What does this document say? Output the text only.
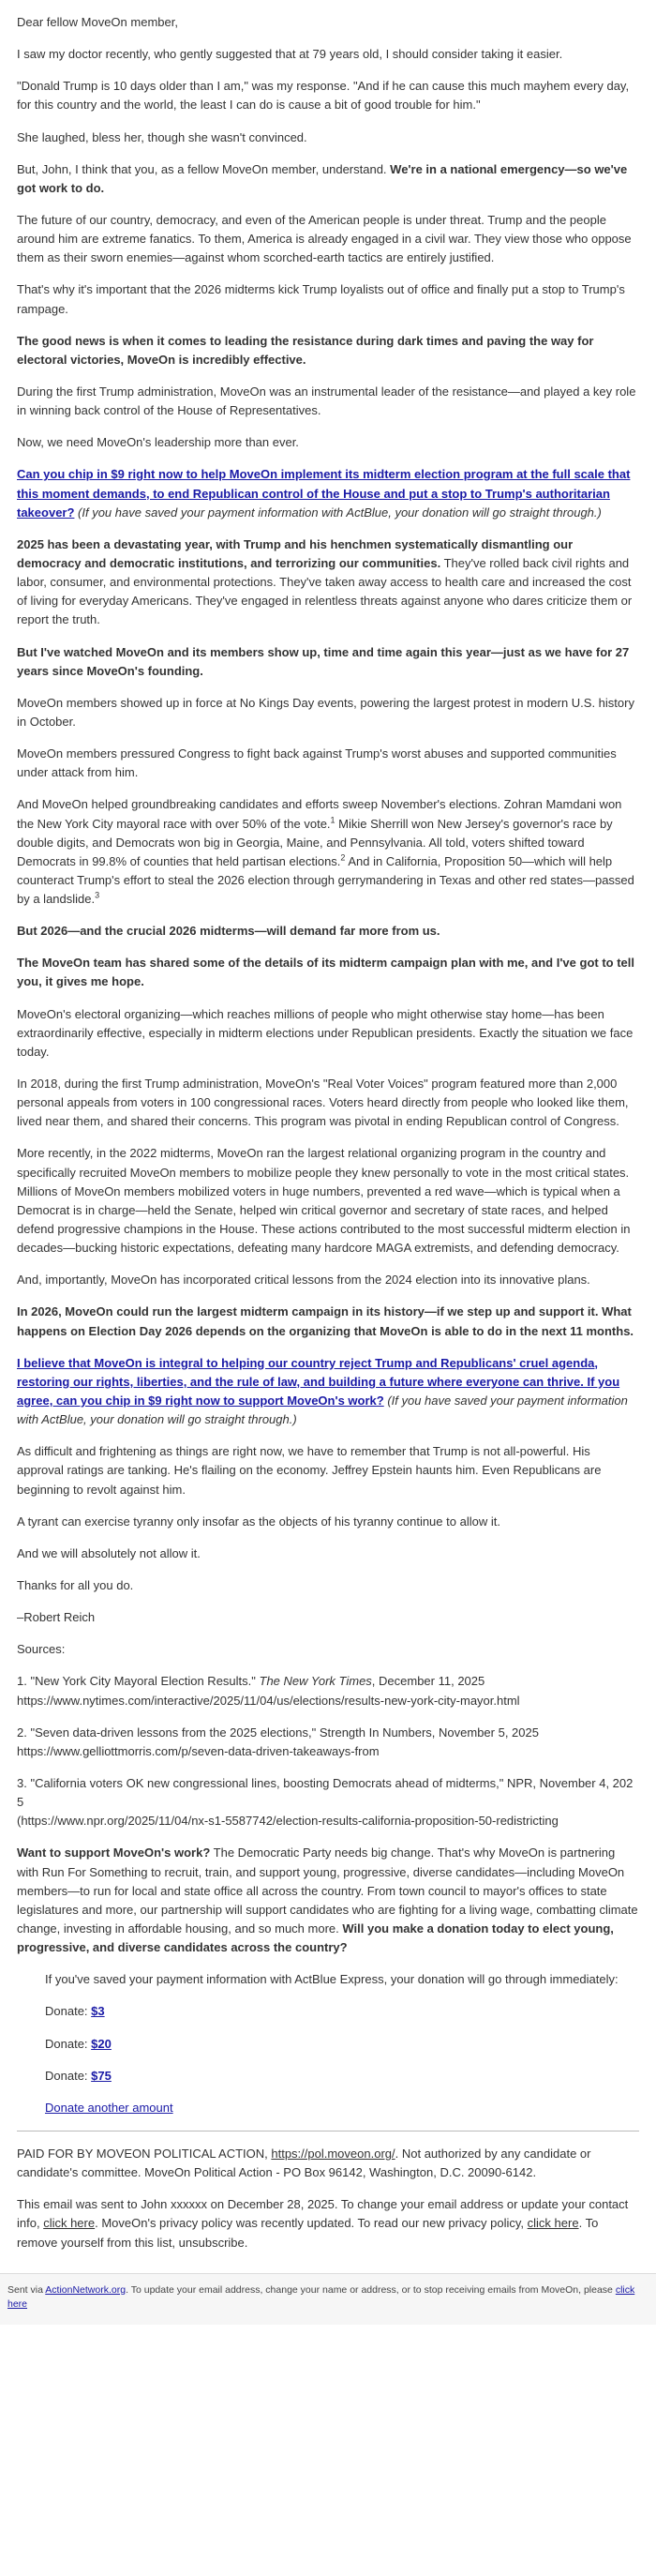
Dear fellow MoveOn member,

I saw my doctor recently, who gently suggested that at 79 years old, I should consider taking it easier.

"Donald Trump is 10 days older than I am," was my response. "And if he can cause this much mayhem every day, for this country and the world, the least I can do is cause a bit of good trouble for him."

She laughed, bless her, though she wasn't convinced.

But, John, I think that you, as a fellow MoveOn member, understand. We're in a national emergency—so we've got work to do.

The future of our country, democracy, and even of the American people is under threat. Trump and the people around him are extreme fanatics. To them, America is already engaged in a civil war. They view those who oppose them as their sworn enemies—against whom scorched-earth tactics are entirely justified.

That's why it's important that the 2026 midterms kick Trump loyalists out of office and finally put a stop to Trump's rampage.

The good news is when it comes to leading the resistance during dark times and paving the way for electoral victories, MoveOn is incredibly effective.

During the first Trump administration, MoveOn was an instrumental leader of the resistance—and played a key role in winning back control of the House of Representatives.

Now, we need MoveOn's leadership more than ever.

Can you chip in $9 right now to help MoveOn implement its midterm election program at the full scale that this moment demands, to end Republican control of the House and put a stop to Trump's authoritarian takeover? (If you have saved your payment information with ActBlue, your donation will go straight through.)

2025 has been a devastating year, with Trump and his henchmen systematically dismantling our democracy and democratic institutions, and terrorizing our communities. They've rolled back civil rights and labor, consumer, and environmental protections. They've taken away access to health care and increased the cost of living for everyday Americans. They've engaged in relentless threats against anyone who dares criticize them or report the truth.

But I've watched MoveOn and its members show up, time and time again this year—just as we have for 27 years since MoveOn's founding.

MoveOn members showed up in force at No Kings Day events, powering the largest protest in modern U.S. history in October.

MoveOn members pressured Congress to fight back against Trump's worst abuses and supported communities under attack from him.

And MoveOn helped groundbreaking candidates and efforts sweep November's elections. Zohran Mamdani won the New York City mayoral race with over 50% of the vote.$^1$ Mikie Sherrill won New Jersey's governor's race by double digits, and Democrats won big in Georgia, Maine, and Pennsylvania. All told, voters shifted toward Democrats in 99.8% of counties that held partisan elections.$^2$ And in California, Proposition 50—which will help counteract Trump's effort to steal the 2026 election through gerrymandering in Texas and other red states—passed by a landslide.$^3$

But 2026—and the crucial 2026 midterms—will demand far more from us.

The MoveOn team has shared some of the details of its midterm campaign plan with me, and I've got to tell you, it gives me hope.

MoveOn's electoral organizing—which reaches millions of people who might otherwise stay home—has been extraordinarily effective, especially in midterm elections under Republican presidents. Exactly the situation we face today.

In 2018, during the first Trump administration, MoveOn's "Real Voter Voices" program featured more than 2,000 personal appeals from voters in 100 congressional races. Voters heard directly from people who looked like them, lived near them, and shared their concerns. This program was pivotal in ending Republican control of Congress.

More recently, in the 2022 midterms, MoveOn ran the largest relational organizing program in the country and specifically recruited MoveOn members to mobilize people they knew personally to vote in the most critical states. Millions of MoveOn members mobilized voters in huge numbers, prevented a red wave—which is typical when a Democrat is in charge—held the Senate, helped win critical governor and secretary of state races, and helped defend progressive champions in the House. These actions contributed to the most successful midterm election in decades—bucking historic expectations, defeating many hardcore MAGA extremists, and defending democracy.

And, importantly, MoveOn has incorporated critical lessons from the 2024 election into its innovative plans.

In 2026, MoveOn could run the largest midterm campaign in its history—if we step up and support it. What happens on Election Day 2026 depends on the organizing that MoveOn is able to do in the next 11 months.

I believe that MoveOn is integral to helping our country reject Trump and Republicans' cruel agenda, restoring our rights, liberties, and the rule of law, and building a future where everyone can thrive. If you agree, can you chip in $9 right now to support MoveOn's work? (If you have saved your payment information with ActBlue, your donation will go straight through.)

As difficult and frightening as things are right now, we have to remember that Trump is not all-powerful. His approval ratings are tanking. He's flailing on the economy. Jeffrey Epstein haunts him. Even Republicans are beginning to revolt against him.

A tyrant can exercise tyranny only insofar as the objects of his tyranny continue to allow it.

And we will absolutely not allow it.

Thanks for all you do.

–Robert Reich

Sources:

1. "New York City Mayoral Election Results." The New York Times, December 11, 2025
https://www.nytimes.com/interactive/2025/11/04/us/elections/results-new-york-city-mayor.html

2. "Seven data-driven lessons from the 2025 elections," Strength In Numbers, November 5, 2025
https://www.gelliottmorris.com/p/seven-data-driven-takeaways-from

3. "California voters OK new congressional lines, boosting Democrats ahead of midterms," NPR, November 4, 2025
(https://www.npr.org/2025/11/04/nx-s1-5587742/election-results-california-proposition-50-redistricting

Want to support MoveOn's work? The Democratic Party needs big change. That's why MoveOn is partnering with Run For Something to recruit, train, and support young, progressive, diverse candidates—including MoveOn members—to run for local and state office all across the country. From town council to mayor's offices to state legislatures and more, our partnership will support candidates who are fighting for a living wage, combatting climate change, investing in affordable housing, and so much more. Will you make a donation today to elect young, progressive, and diverse candidates across the country?

If you've saved your payment information with ActBlue Express, your donation will go through immediately:

Donate: $3

Donate: $20

Donate: $75

Donate another amount

PAID FOR BY MOVEON POLITICAL ACTION, https://pol.moveon.org/. Not authorized by any candidate or candidate's committee. MoveOn Political Action - PO Box 96142, Washington, D.C. 20090-6142.

This email was sent to John xxxxxx on December 28, 2025. To change your email address or update your contact info, click here. MoveOn's privacy policy was recently updated. To read our new privacy policy, click here. To remove yourself from this list, unsubscribe.

Sent via ActionNetwork.org. To update your email address, change your name or address, or to stop receiving emails from MoveOn, please click here
